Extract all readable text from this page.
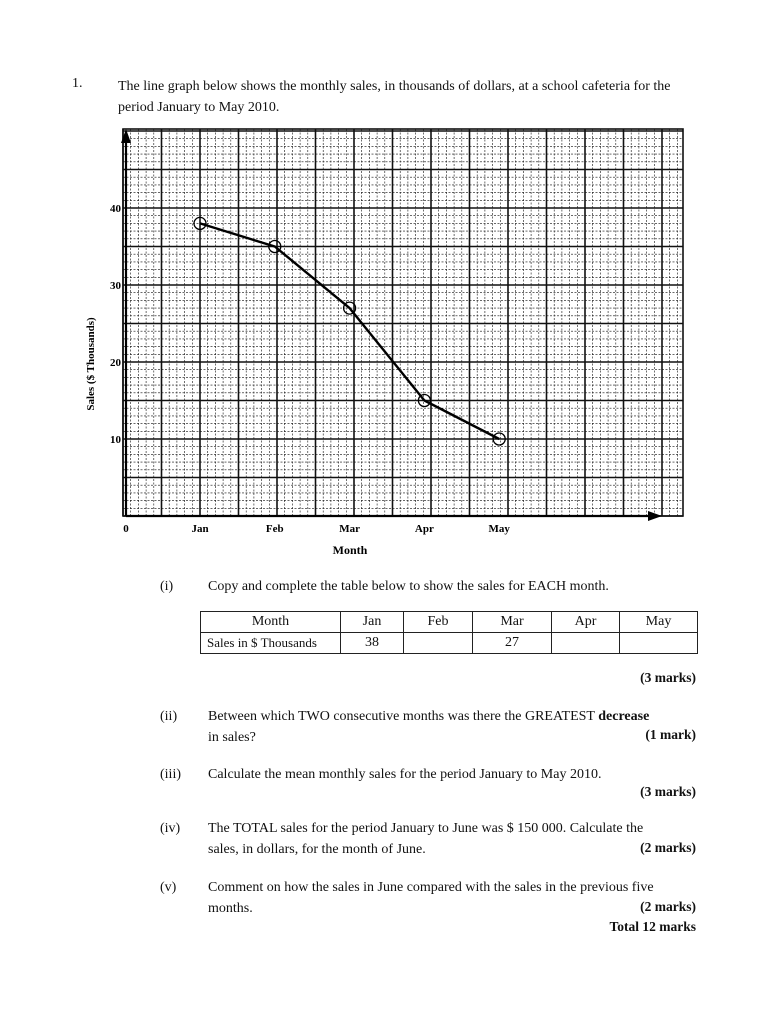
1.	The line graph below shows the monthly sales, in thousands of dollars, at a school cafeteria for the period January to May 2010.
10
20
30
40
0	Jan	Feb	Mar	Apr	May
Month
Sales ($ Thousands)
(i)	Copy and complete the table below to show the sales for EACH month.
Month	Jan	Feb	Mar	Apr	May
Sales in $ Thousands	38		27		
(3 marks)
(ii)	Between which TWO consecutive months was there the GREATEST decrease
in sales?	(1 mark)
(iii)	Calculate the mean monthly sales for the period January to May 2010.
(3 marks)
(iv)	The TOTAL sales for the period January to June was $ 150 000. Calculate the
sales, in dollars, for the month of June.	(2 marks)
(v)	Comment on how the sales in June compared with the sales in the previous five
months.	(2 marks)
Total 12 marks
